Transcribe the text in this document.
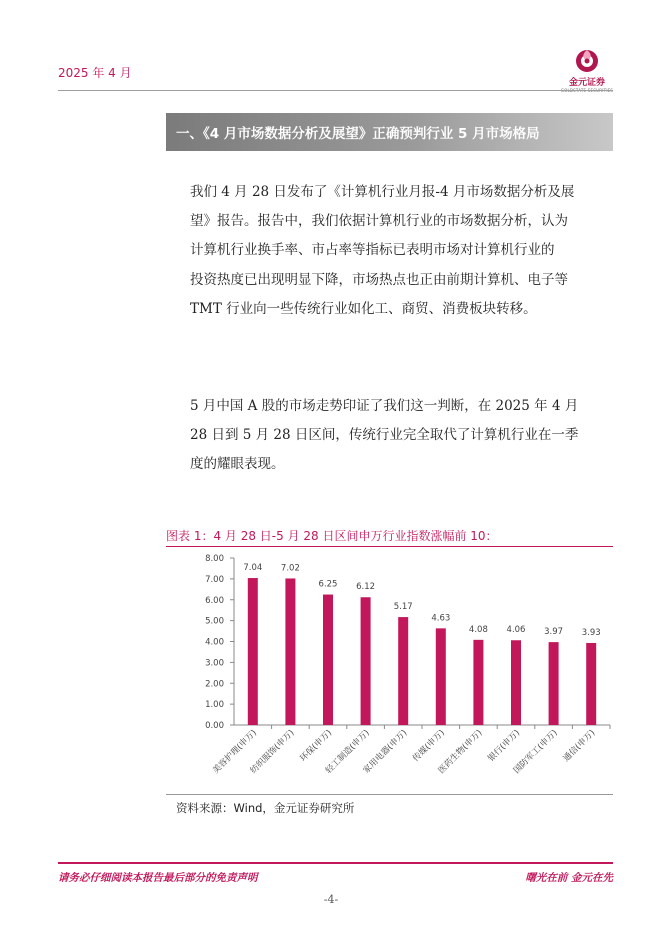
2025 年 4 月
金元证券
一、《4 月市场数据分析及展望》正确预判行业 5 月市场格局
我们 4 月 28 日发布了《计算机行业月报-4 月市场数据分析及展
望》报告。报告中，我们依据计算机行业的市场数据分析，认为
计算机行业换手率、市占率等指标已表明市场对计算机行业的
投资热度已出现明显下降，市场热点也正由前期计算机、电子等
TMT 行业向一些传统行业如化工、商贸、消费板块转移。
5 月中国 A 股的市场走势印证了我们这一判断，在 2025 年 4 月
28 日到 5 月 28 日区间，传统行业完全取代了计算机行业在一季
度的耀眼表现。
图表 1：4 月 28 日-5 月 28 日区间申万行业指数涨幅前 10：
0.00
1.00
2.00
3.00
4.00
5.00
6.00
7.00
8.00
7.04
美容护理(申万)
7.02
纺织服饰(申万)
6.25
环保(申万)
6.12
轻工制造(申万)
5.17
家用电器(申万)
4.63
传媒(申万)
4.08
医药生物(申万)
4.06
银行(申万)
3.97
国防军工(申万)
3.93
通信(申万)
资料来源：Wind，金元证券研究所
请务必仔细阅读本报告最后部分的免责声明	曙光在前 金元在先
-4-
